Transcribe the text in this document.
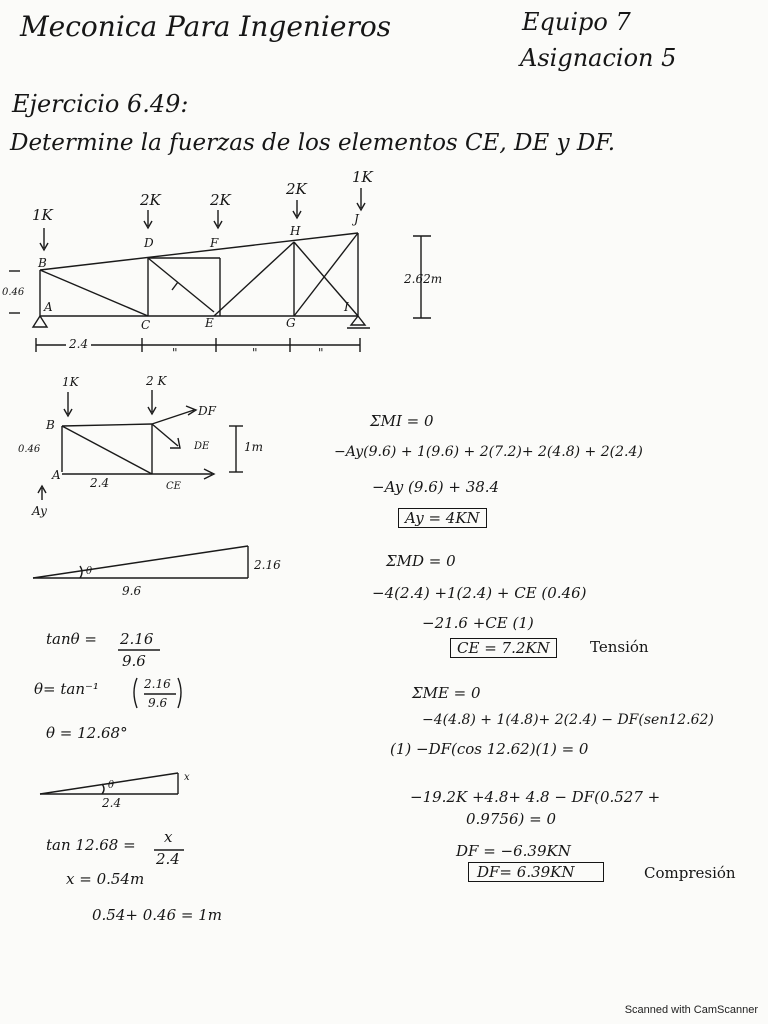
Meconica Para Ingenieros	Equipo 7
Asignacion 5
Ejercicio 6.49:
Determine la fuerzas de los elementos CE, DE y DF.
1K
2K	2K
2K
1K
B
D	F
H
J
A
C	E	G
I
2.62m
0.46
2.4
"	"	"
1K	2 K
B
A
0.46
DF
DE
CE
2.4
1m
Ay
2.16
9.6
θ
tanθ = 2.16
9.6
θ= tan⁻¹	2.16
9.6
θ = 12.68°
x
2.4
θ
tan 12.68 = x
2.4
x = 0.54m
0.54+ 0.46 = 1m
ΣMI = 0
−Ay(9.6) + 1(9.6) + 2(7.2)+ 2(4.8) + 2(2.4)
−Ay (9.6) + 38.4
Ay = 4KN
ΣMD = 0
−4(2.4) +1(2.4) + CE (0.46)
−21.6 +CE (1)
CE = 7.2KN	Tensión
ΣME = 0
−4(4.8) + 1(4.8)+ 2(2.4) − DF(sen12.62)
(1) −DF(cos 12.62)(1) = 0
−19.2K +4.8+ 4.8 − DF(0.527 +
0.9756) = 0
DF = −6.39KN
DF= 6.39KN	Compresión
Scanned with CamScanner
